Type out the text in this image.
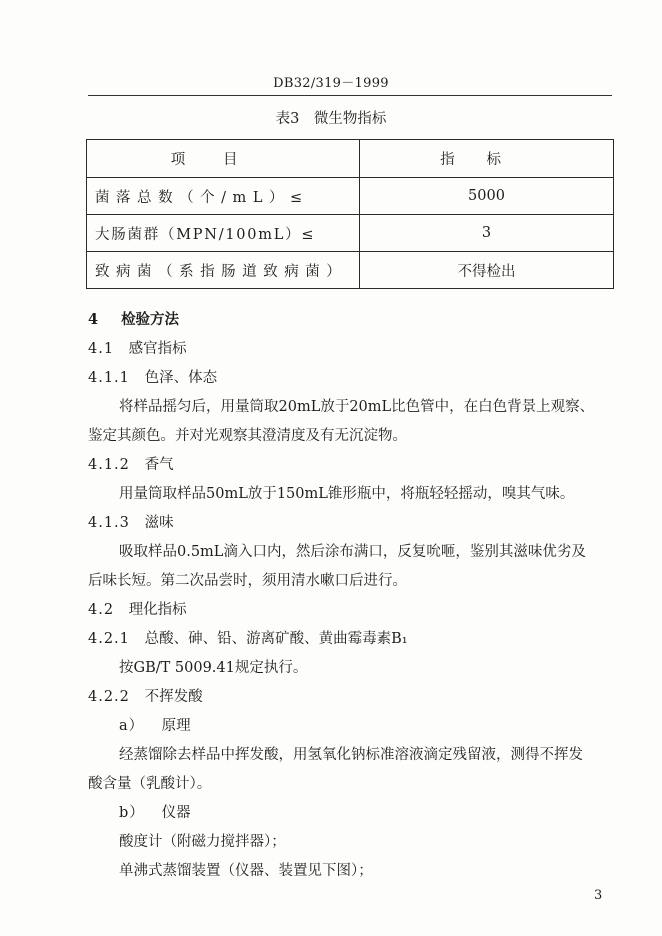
DB32/319－1999
表3　微生物指标
项目	指标
菌落总数（个/mL）≤	5000
大肠菌群（MPN/100mL）≤	3
致病菌（系指肠道致病菌）	不得检出
4 检验方法
4.1 感官指标
4.1.1 色泽、体态
将样品摇匀后，用量筒取20mL放于20mL比色管中，在白色背景上观察、
鉴定其颜色。并对光观察其澄清度及有无沉淀物。
4.1.2 香气
用量筒取样品50mL放于150mL锥形瓶中，将瓶轻轻摇动，嗅其气味。
4.1.3 滋味
吸取样品0.5mL滴入口内，然后涂布满口，反复吮咂，鉴别其滋味优劣及
后味长短。第二次品尝时，须用清水嗽口后进行。
4.2 理化指标
4.2.1 总酸、砷、铅、游离矿酸、黄曲霉毒素B₁
按GB/T 5009.41规定执行。
4.2.2 不挥发酸
a） 原理
经蒸馏除去样品中挥发酸，用氢氧化钠标准溶液滴定残留液，测得不挥发
酸含量（乳酸计）。
b） 仪器
酸度计（附磁力搅拌器）；
单沸式蒸馏装置（仪器、装置见下图）；
3
